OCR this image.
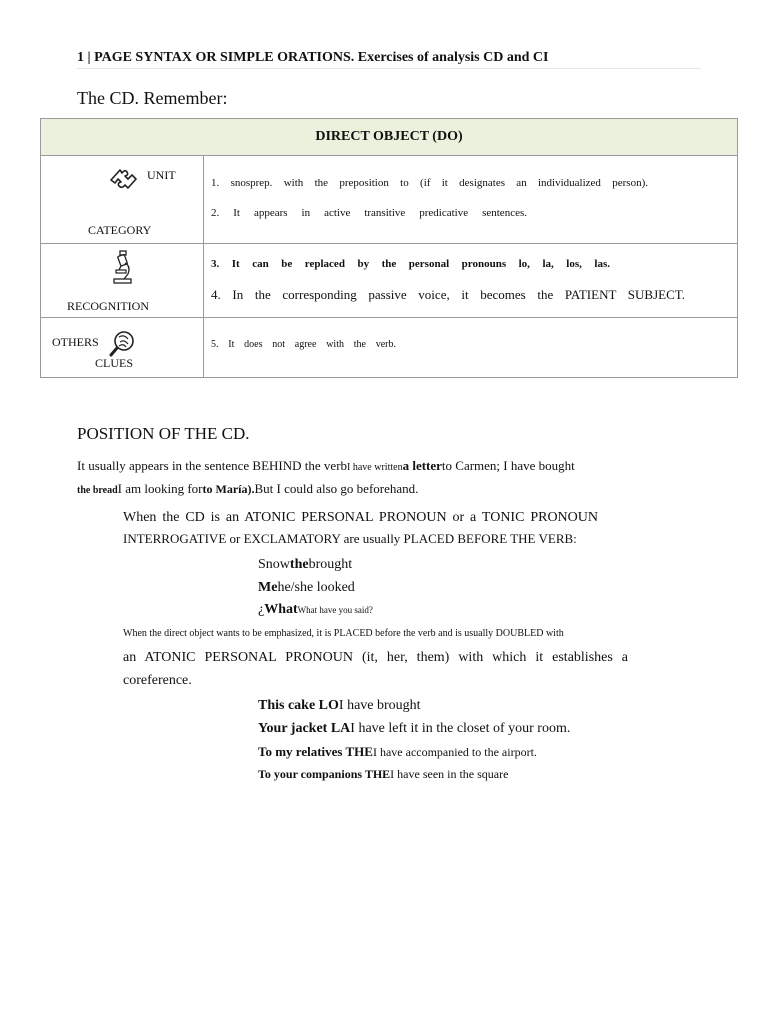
1 | PAGE SYNTAX OR SIMPLE ORATIONS. Exercises of analysis CD and CI
The CD. Remember:
DIRECT OBJECT (DO)	

UNIT
CATEGORY	1. snosprep. with the preposition to (if it designates an individualized person).
2. It appears in active transitive predicative sentences.

RECOGNITION	3. It can be replaced by the personal pronouns lo, la, los, las.
4. In the corresponding passive voice, it becomes the PATIENT SUBJECT.

OTHERS
CLUES	5. It does not agree with the verb.
POSITION OF THE CD.
It usually appears in the sentence BEHIND the verbI have writtena letterto Carmen; I have bought
the breadI am looking forto María).But I could also go beforehand.
When the CD is an ATONIC PERSONAL PRONOUN or a TONIC PRONOUN
INTERROGATIVE or EXCLAMATORY are usually PLACED BEFORE THE VERB:
Snowthebrought
Mehe/she looked
¿WhatWhat have you said?
When the direct object wants to be emphasized, it is PLACED before the verb and is usually DOUBLED with
an ATONIC PERSONAL PRONOUN (it, her, them) with which it establishes a
coreference.
This cake LOI have brought
Your jacket LAI have left it in the closet of your room.
To my relatives THEI have accompanied to the airport.
To your companions THEI have seen in the square
